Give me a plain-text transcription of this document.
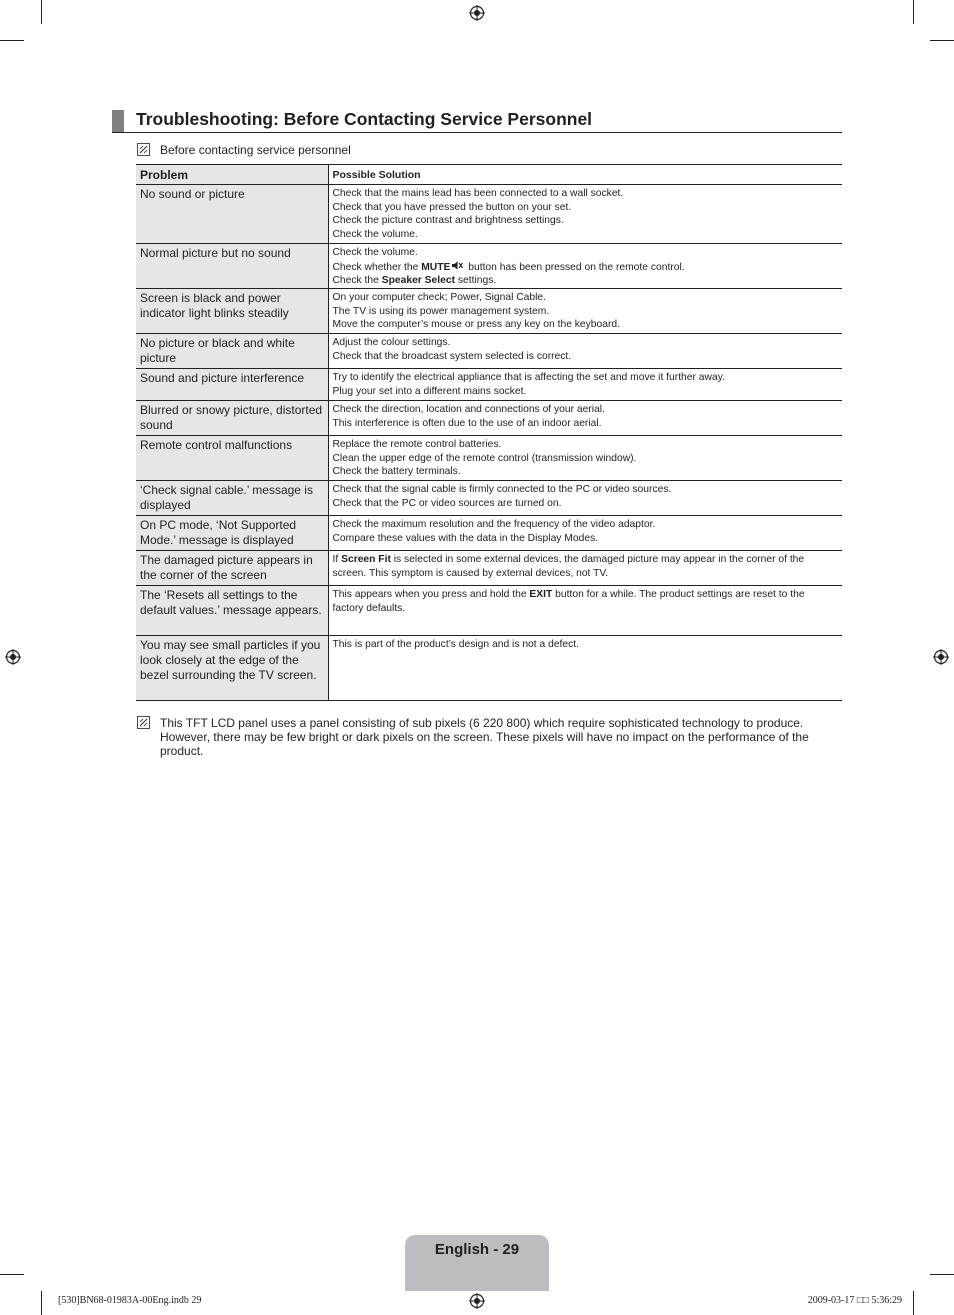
Troubleshooting: Before Contacting Service Personnel
Before contacting service personnel
Problem	Possible Solution
No sound or picture	Check that the mains lead has been connected to a wall socket.
Check that you have pressed the button on your set.
Check the picture contrast and brightness settings.
Check the volume.

Normal picture but no sound	Check the volume.
Check whether the MUTE button has been pressed on the remote control.
Check the Speaker Select settings.

Screen is black and power indicator light blinks steadily	On your computer check; Power, Signal Cable.
The TV is using its power management system.
Move the computer’s mouse or press any key on the keyboard.

No picture or black and white picture	Adjust the colour settings.
Check that the broadcast system selected is correct.

Sound and picture interference	Try to identify the electrical appliance that is affecting the set and move it further away.
Plug your set into a different mains socket.

Blurred or snowy picture, distorted sound	Check the direction, location and connections of your aerial.
This interference is often due to the use of an indoor aerial.

Remote control malfunctions	Replace the remote control batteries.
Clean the upper edge of the remote control (transmission window).
Check the battery terminals.

‘Check signal cable.’ message is displayed	Check that the signal cable is firmly connected to the PC or video sources.
Check that the PC or video sources are turned on.

On PC mode, ‘Not Supported Mode.’ message is displayed	Check the maximum resolution and the frequency of the video adaptor.
Compare these values with the data in the Display Modes.

The damaged picture appears in the corner of the screen	If Screen Fit is selected in some external devices, the damaged picture may appear in the corner of the screen. This symptom is caused by external devices, not TV.
The ‘Resets all settings to the default values.’ message appears.	This appears when you press and hold the EXIT button for a while. The product settings are reset to the factory defaults.
You may see small particles if you look closely at the edge of the bezel surrounding the TV screen.	This is part of the product’s design and is not a defect.
This TFT LCD panel uses a panel consisting of sub pixels (6 220 800) which require sophisticated technology to produce. However, there may be few bright or dark pixels on the screen. These pixels will have no impact on the performance of the product.
English - 29
[530]BN68-01983A-00Eng.indb 29	2009-03-17 □□ 5:36:29
